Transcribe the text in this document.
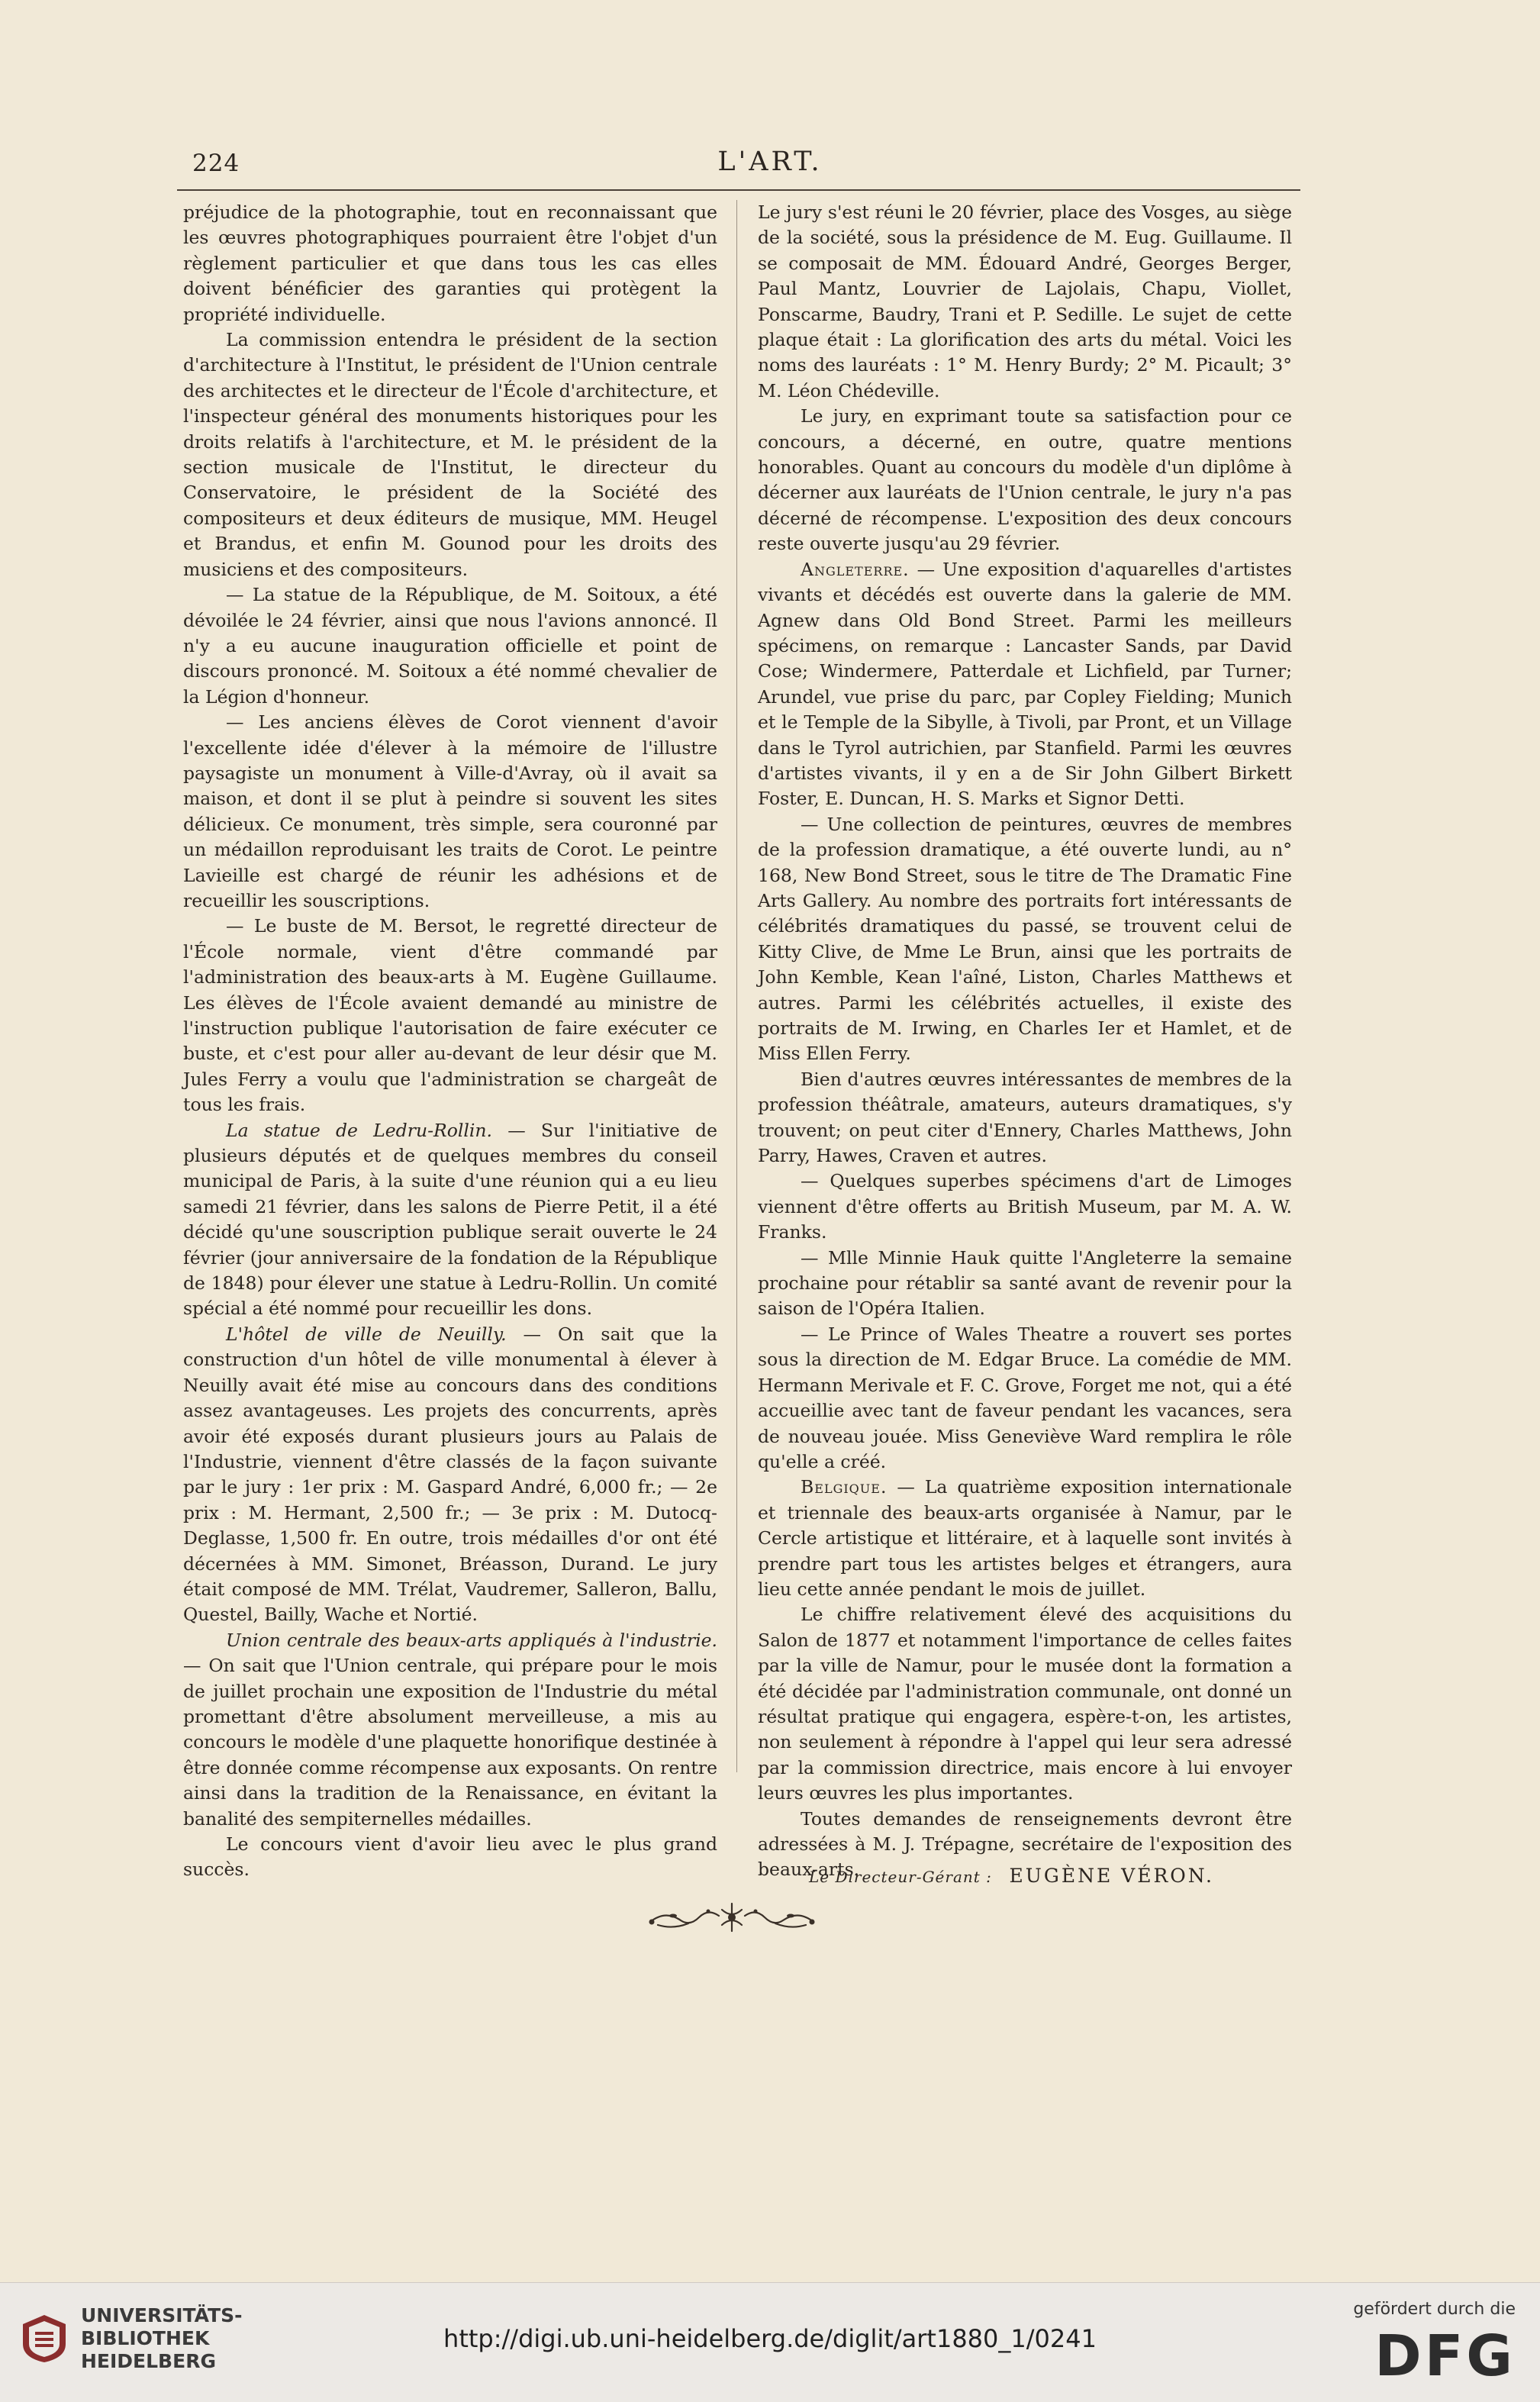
224	L'ART.

préjudice de la photographie, tout en reconnaissant que les œuvres photographiques pourraient être l'objet d'un règlement particulier et que dans tous les cas elles doivent bénéficier des garanties qui protègent la propriété individuelle.

La commission entendra le président de la section d'architecture à l'Institut, le président de l'Union centrale des architectes et le directeur de l'École d'architecture, et l'inspecteur général des monuments historiques pour les droits relatifs à l'architecture, et M. le président de la section musicale de l'Institut, le directeur du Conservatoire, le président de la Société des compositeurs et deux éditeurs de musique, MM. Heugel et Brandus, et enfin M. Gounod pour les droits des musiciens et des compositeurs.

— La statue de la République, de M. Soitoux, a été dévoilée le 24 février, ainsi que nous l'avions annoncé. Il n'y a eu aucune inauguration officielle et point de discours prononcé. M. Soitoux a été nommé chevalier de la Légion d'honneur.

— Les anciens élèves de Corot viennent d'avoir l'excellente idée d'élever à la mémoire de l'illustre paysagiste un monument à Ville-d'Avray, où il avait sa maison, et dont il se plut à peindre si souvent les sites délicieux. Ce monument, très simple, sera couronné par un médaillon reproduisant les traits de Corot. Le peintre Lavieille est chargé de réunir les adhésions et de recueillir les souscriptions.

— Le buste de M. Bersot, le regretté directeur de l'École normale, vient d'être commandé par l'administration des beaux-arts à M. Eugène Guillaume. Les élèves de l'École avaient demandé au ministre de l'instruction publique l'autorisation de faire exécuter ce buste, et c'est pour aller au-devant de leur désir que M. Jules Ferry a voulu que l'administration se chargeât de tous les frais.

La statue de Ledru-Rollin. — Sur l'initiative de plusieurs députés et de quelques membres du conseil municipal de Paris, à la suite d'une réunion qui a eu lieu samedi 21 février, dans les salons de Pierre Petit, il a été décidé qu'une souscription publique serait ouverte le 24 février (jour anniversaire de la fondation de la République de 1848) pour élever une statue à Ledru-Rollin. Un comité spécial a été nommé pour recueillir les dons.

L'hôtel de ville de Neuilly. — On sait que la construction d'un hôtel de ville monumental à élever à Neuilly avait été mise au concours dans des conditions assez avantageuses. Les projets des concurrents, après avoir été exposés durant plusieurs jours au Palais de l'Industrie, viennent d'être classés de la façon suivante par le jury : 1er prix : M. Gaspard André, 6,000 fr.; — 2e prix : M. Hermant, 2,500 fr.; — 3e prix : M. Dutocq-Deglasse, 1,500 fr. En outre, trois médailles d'or ont été décernées à MM. Simonet, Bréasson, Durand. Le jury était composé de MM. Trélat, Vaudremer, Salleron, Ballu, Questel, Bailly, Wache et Nortié.

Union centrale des beaux-arts appliqués à l'industrie. — On sait que l'Union centrale, qui prépare pour le mois de juillet prochain une exposition de l'Industrie du métal promettant d'être absolument merveilleuse, a mis au concours le modèle d'une plaquette honorifique destinée à être donnée comme récompense aux exposants. On rentre ainsi dans la tradition de la Renaissance, en évitant la banalité des sempiternelles médailles.

Le concours vient d'avoir lieu avec le plus grand succès.

Le jury s'est réuni le 20 février, place des Vosges, au siège de la société, sous la présidence de M. Eug. Guillaume. Il se composait de MM. Édouard André, Georges Berger, Paul Mantz, Louvrier de Lajolais, Chapu, Viollet, Ponscarme, Baudry, Trani et P. Sedille. Le sujet de cette plaque était : La glorification des arts du métal. Voici les noms des lauréats : 1° M. Henry Burdy; 2° M. Picault; 3° M. Léon Chédeville.

Le jury, en exprimant toute sa satisfaction pour ce concours, a décerné, en outre, quatre mentions honorables. Quant au concours du modèle d'un diplôme à décerner aux lauréats de l'Union centrale, le jury n'a pas décerné de récompense. L'exposition des deux concours reste ouverte jusqu'au 29 février.

Angleterre. — Une exposition d'aquarelles d'artistes vivants et décédés est ouverte dans la galerie de MM. Agnew dans Old Bond Street. Parmi les meilleurs spécimens, on remarque : Lancaster Sands, par David Cose; Windermere, Patterdale et Lichfield, par Turner; Arundel, vue prise du parc, par Copley Fielding; Munich et le Temple de la Sibylle, à Tivoli, par Pront, et un Village dans le Tyrol autrichien, par Stanfield. Parmi les œuvres d'artistes vivants, il y en a de Sir John Gilbert Birkett Foster, E. Duncan, H. S. Marks et Signor Detti.

— Une collection de peintures, œuvres de membres de la profession dramatique, a été ouverte lundi, au n° 168, New Bond Street, sous le titre de The Dramatic Fine Arts Gallery. Au nombre des portraits fort intéressants de célébrités dramatiques du passé, se trouvent celui de Kitty Clive, de Mme Le Brun, ainsi que les portraits de John Kemble, Kean l'aîné, Liston, Charles Matthews et autres. Parmi les célébrités actuelles, il existe des portraits de M. Irwing, en Charles Ier et Hamlet, et de Miss Ellen Ferry.

Bien d'autres œuvres intéressantes de membres de la profession théâtrale, amateurs, auteurs dramatiques, s'y trouvent; on peut citer d'Ennery, Charles Matthews, John Parry, Hawes, Craven et autres.

— Quelques superbes spécimens d'art de Limoges viennent d'être offerts au British Museum, par M. A. W. Franks.

— Mlle Minnie Hauk quitte l'Angleterre la semaine prochaine pour rétablir sa santé avant de revenir pour la saison de l'Opéra Italien.

— Le Prince of Wales Theatre a rouvert ses portes sous la direction de M. Edgar Bruce. La comédie de MM. Hermann Merivale et F. C. Grove, Forget me not, qui a été accueillie avec tant de faveur pendant les vacances, sera de nouveau jouée. Miss Geneviève Ward remplira le rôle qu'elle a créé.

Belgique. — La quatrième exposition internationale et triennale des beaux-arts organisée à Namur, par le Cercle artistique et littéraire, et à laquelle sont invités à prendre part tous les artistes belges et étrangers, aura lieu cette année pendant le mois de juillet.

Le chiffre relativement élevé des acquisitions du Salon de 1877 et notamment l'importance de celles faites par la ville de Namur, pour le musée dont la formation a été décidée par l'administration communale, ont donné un résultat pratique qui engagera, espère-t-on, les artistes, non seulement à répondre à l'appel qui leur sera adressé par la commission directrice, mais encore à lui envoyer leurs œuvres les plus importantes.

Toutes demandes de renseignements devront être adressées à M. J. Trépagne, secrétaire de l'exposition des beaux-arts.

Le Directeur-Gérant : EUGÈNE VÉRON.
UNIVERSITÄTS-
BIBLIOTHEK
HEIDELBERG
http://digi.ub.uni-heidelberg.de/diglit/art1880_1/0241
gefördert durch die
DFG
